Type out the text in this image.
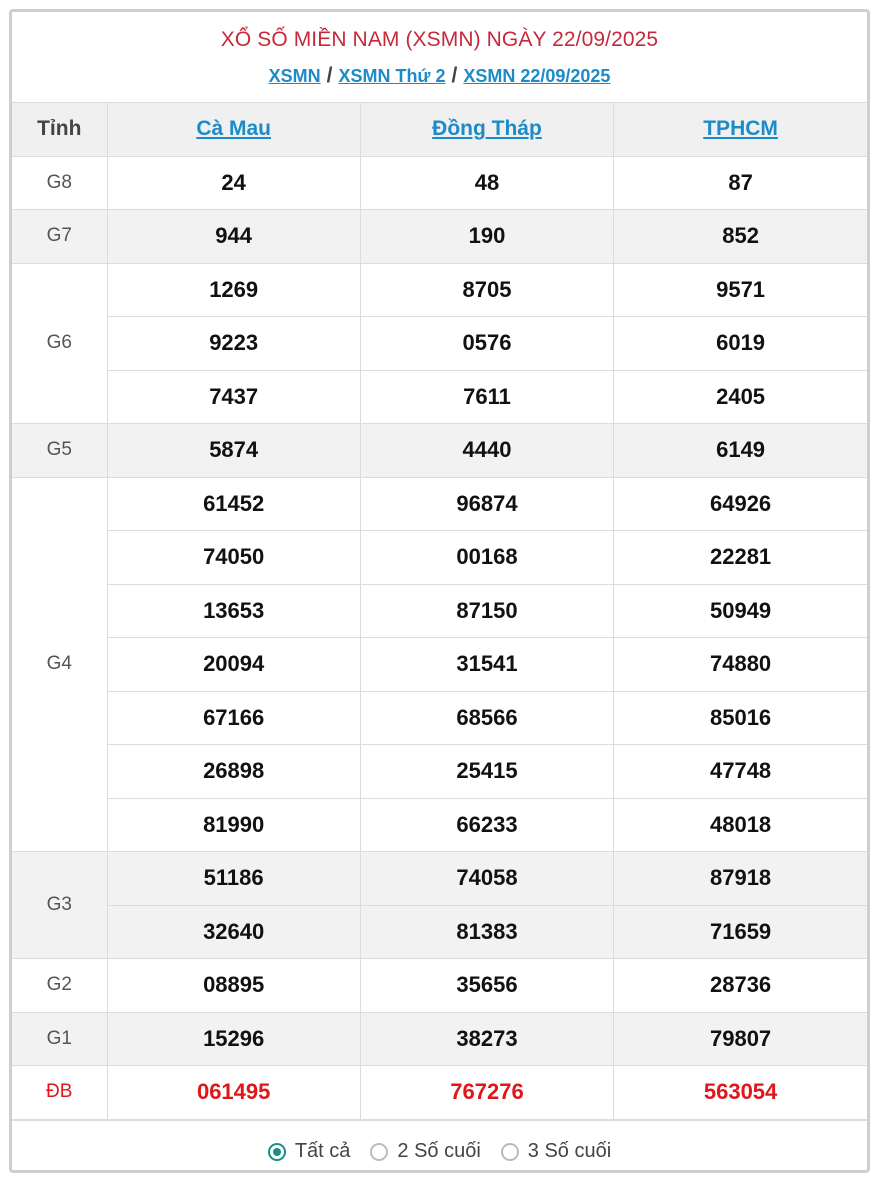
XỔ SỐ MIỀN NAM (XSMN) NGÀY 22/09/2025
XSMN / XSMN Thứ 2 / XSMN 22/09/2025
Tỉnh	Cà Mau	Đồng Tháp	TPHCM
G8	24	48	87
G7	944	190	852
G6	1269	8705	9571
	9223	0576	6019
	7437	7611	2405
G5	5874	4440	6149
G4	61452	96874	64926
	74050	00168	22281
	13653	87150	50949
	20094	31541	74880
	67166	68566	85016
	26898	25415	47748
	81990	66233	48018
G3	51186	74058	87918
	32640	81383	71659
G2	08895	35656	28736
G1	15296	38273	79807
ĐB	061495	767276	563054
Tất cả 2 Số cuối 3 Số cuối
